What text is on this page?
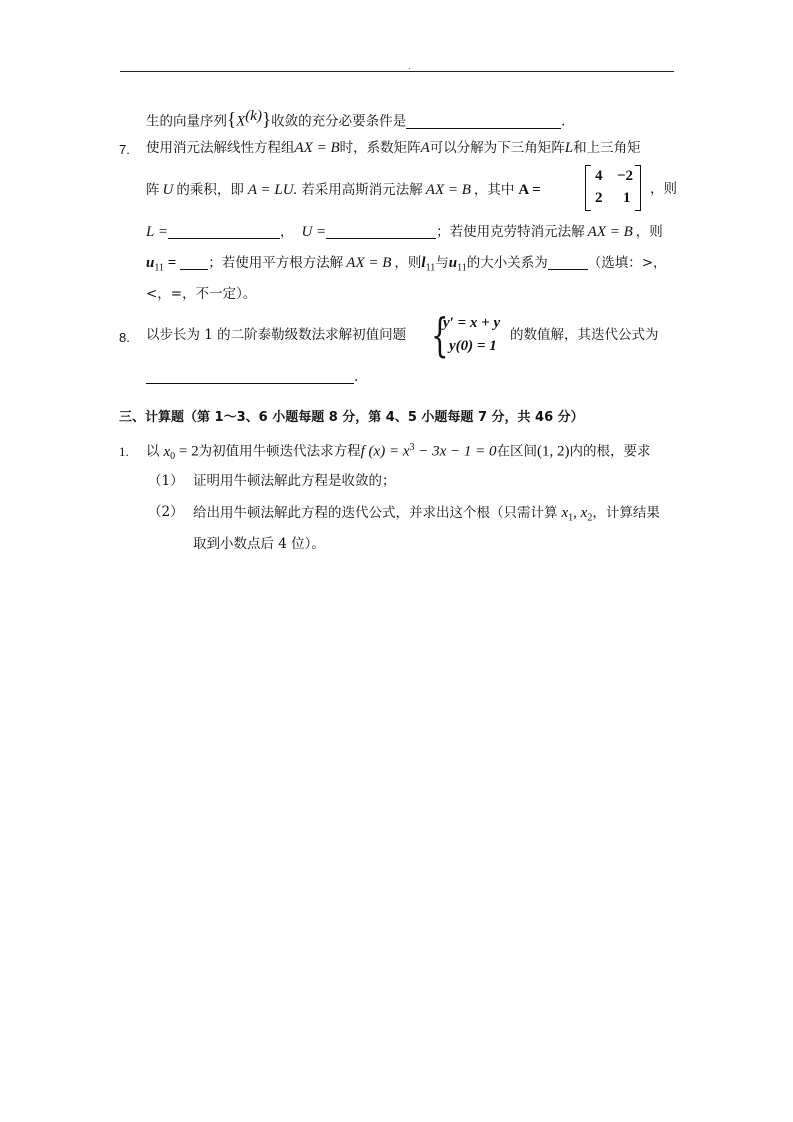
.
生的向量序列$\{X^{(k)}\}$收敛的充分必要条件是	.
7. 使用消元法解线性方程组AX = B时，系数矩阵A可以分解为下三角矩阵L和上三角矩
阵 U 的乘积，即 A = LU. 若采用高斯消元法解 AX = B ，其中 A =
4 −2
2 1
，则
L =	， U =	；若使用克劳特消元法解 AX = B ，则
$u_{11}$ = ；若使用平方根方法解 AX = B ，则$l_{11}$与$u_{11}$的大小关系为	（选填：>，
<，=，不一定）。
8. 以步长为 1 的二阶泰勒级数法求解初值问题 {
y′ = x + y
y(0) = 1
的数值解，其迭代公式为
.
三、计算题（第 1～3、6 小题每题 8 分，第 4、5 小题每题 7 分，共 46 分）
1. 以 $x_0 = 2$为初值用牛顿迭代法求方程f $(x) = x^3 - 3x - 1 = 0$在区间(1, 2)内的根，要求
（1） 证明用牛顿法解此方程是收敛的；
（2） 给出用牛顿法解此方程的迭代公式，并求出这个根（只需计算 $x_1$, $x_2$，计算结果
取到小数点后 4 位）。
